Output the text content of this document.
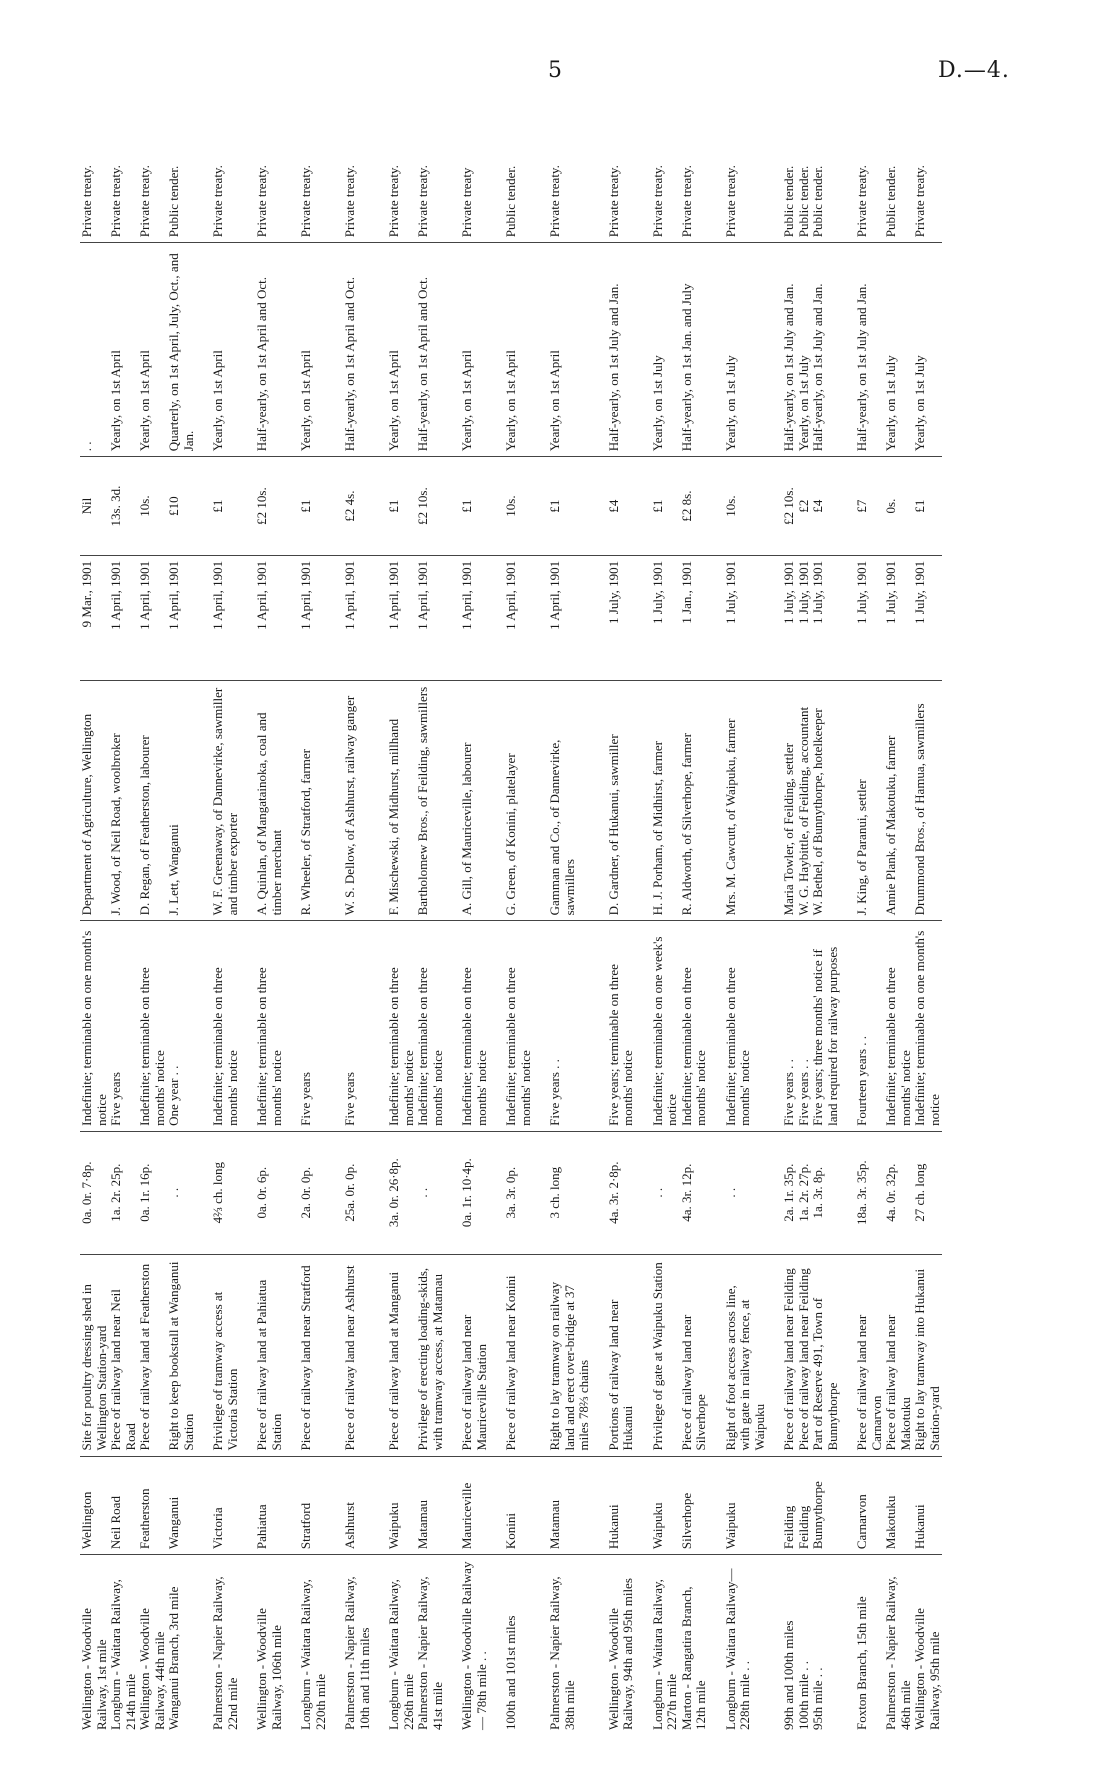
5	D.—4.
Wellington - Woodville Railway, 1st mile	Wellington	Site for poultry dressing shed in Wellington Station-yard	0a. 0r. 7·8p.	Indefinite; terminable on one month's notice	Department of Agriculture, Wellington	9 Mar., 1901	Nil	. .	Private treaty.
Longburn - Waitara Railway, 214th mile	Neil Road	Piece of railway land near Neil Road	1a. 2r. 25p.	Five years	J. Wood, of Neil Road, woolbroker	1 April, 1901	13s. 3d.	Yearly, on 1st April	Private treaty.
Wellington - Woodville Railway, 44th mile	Featherston	Piece of railway land at Featherston	0a. 1r. 16p.	Indefinite; terminable on three months' notice	D. Regan, of Featherston, labourer	1 April, 1901	10s.	Yearly, on 1st April	Private treaty.
Wanganui Branch, 3rd mile	Wanganui	Right to keep bookstall at Wanganui Station	. .	One year . .	J. Lett, Wanganui	1 April, 1901	£10	Quarterly, on 1st April, July, Oct., and Jan.	Public tender.
Palmerston - Napier Railway, 22nd mile	Victoria	Privilege of tramway access at Victoria Station	4⅔ ch. long	Indefinite; terminable on three months' notice	W. F. Greenaway, of Dannevirke, sawmiller and timber exporter	1 April, 1901	£1	Yearly, on 1st April	Private treaty.
Wellington - Woodville Railway, 106th mile	Pahiatua	Piece of railway land at Pahiatua Station	0a. 0r. 6p.	Indefinite; terminable on three months' notice	A. Quinlan, of Mangatainoka, coal and timber merchant	1 April, 1901	£2 10s.	Half-yearly, on 1st April and Oct.	Private treaty.
Longburn - Waitara Railway, 220th mile	Stratford	Piece of railway land near Stratford	2a. 0r. 0p.	Five years	R. Wheeler, of Stratford, farmer	1 April, 1901	£1	Yearly, on 1st April	Private treaty.
Palmerston - Napier Railway, 10th and 11th miles	Ashhurst	Piece of railway land near Ashhurst	25a. 0r. 0p.	Five years	W. S. Dellow, of Ashhurst, railway ganger	1 April, 1901	£2 4s.	Half-yearly, on 1st April and Oct.	Private treaty.
Longburn - Waitara Railway, 226th mile	Waipuku	Piece of railway land at Manganui	3a. 0r. 26·8p.	Indefinite; terminable on three months' notice	F. Mischewski, of Midhurst, millhand	1 April, 1901	£1	Yearly, on 1st April	Private treaty.
Palmerston - Napier Railway, 41st mile	Matamau	Privilege of erecting loading-skids, with tramway access, at Matamau	. .	Indefinite; terminable on three months' notice	Bartholomew Bros., of Feilding, sawmillers	1 April, 1901	£2 10s.	Half-yearly, on 1st April and Oct.	Private treaty.
Wellington - Woodville Railway— 78th mile . .	Mauriceville	Piece of railway land near Mauriceville Station	0a. 1r. 10·4p.	Indefinite; terminable on three months' notice	A. Gill, of Mauriceville, labourer	1 April, 1901	£1	Yearly, on 1st April	Private treaty
100th and 101st miles	Konini	Piece of railway land near Konini	3a. 3r. 0p.	Indefinite; terminable on three months' notice	G. Green, of Konini, platelayer	1 April, 1901	10s.	Yearly, on 1st April	Public tender.
Palmerston - Napier Railway, 38th mile	Matamau	Right to lay tramway on railway land and erect over-bridge at 37 miles 78⅔ chains	3 ch. long	Five years . .	Gamman and Co., of Dannevirke, sawmillers	1 April, 1901	£1	Yearly, on 1st April	Private treaty.
Wellington - Woodville Railway, 94th and 95th miles	Hukanui	Portions of railway land near Hukanui	4a. 3r. 2·8p.	Five years; terminable on three months' notice	D. Gardner, of Hukanui, sawmiller	1 July, 1901	£4	Half-yearly, on 1st July and Jan.	Private treaty.
Longburn - Waitara Railway, 227th mile	Waipuku	Privilege of gate at Waipuku Station	. .	Indefinite; terminable on one week's notice	H. J. Porham, of Midhirst, farmer	1 July, 1901	£1	Yearly, on 1st July	Private treaty.
Marton - Rangatira Branch, 12th mile	Silverhope	Piece of railway land near Silverhope	4a. 3r. 12p.	Indefinite; terminable on three months' notice	R. Aldworth, of Silverhope, farmer	1 Jan., 1901	£2 8s.	Half-yearly, on 1st Jan. and July	Private treaty.
Longburn - Waitara Railway— 228th mile . .	Waipuku	Right of foot access across line, with gate in railway fence, at Waipuku	. .	Indefinite; terminable on three months' notice	Mrs. M. Cawcutt, of Waipuku, farmer	1 July, 1901	10s.	Yearly, on 1st July	Private treaty.
99th and 100th miles	Feilding	Piece of railway land near Feilding	2a. 1r. 35p.	Five years . .	Maria Towler, of Feilding, settler	1 July, 1901	£2 10s.	Half-yearly, on 1st July and Jan.	Public tender.
100th mile . .	Feilding	Piece of railway land near Feilding	1a. 2r. 27p.	Five years . .	W. G. Haybittle, of Feilding, accountant	1 July, 1901	£2	Yearly, on 1st July	Public tender.
95th mile . .	Bunnythorpe	Part of Reserve 491, Town of Bunnythorpe	1a. 3r. 8p.	Five years; three months' notice if land required for railway purposes	W. Bethel, of Bunnythorpe, hotelkeeper	1 July, 1901	£4	Half-yearly, on 1st July and Jan.	Public tender.
Foxton Branch, 15th mile	Carnarvon	Piece of railway land near Carnarvon	18a. 3r. 35p.	Fourteen years . .	J. King, of Paranui, settler	1 July, 1901	£7	Half-yearly, on 1st July and Jan.	Private treaty.
Palmerston - Napier Railway, 46th mile	Makotuku	Piece of railway land near Makotuku	4a. 0r. 32p.	Indefinite; terminable on three months' notice	Annie Plank, of Makotuku, farmer	1 July, 1901	0s.	Yearly, on 1st July	Public tender.
Wellington - Woodville Railway, 95th mile	Hukanui	Right to lay tramway into Hukanui Station-yard	27 ch. long	Indefinite; terminable on one month's notice	Drummond Bros., of Hamua, sawmillers	1 July, 1901	£1	Yearly, on 1st July	Private treaty.
